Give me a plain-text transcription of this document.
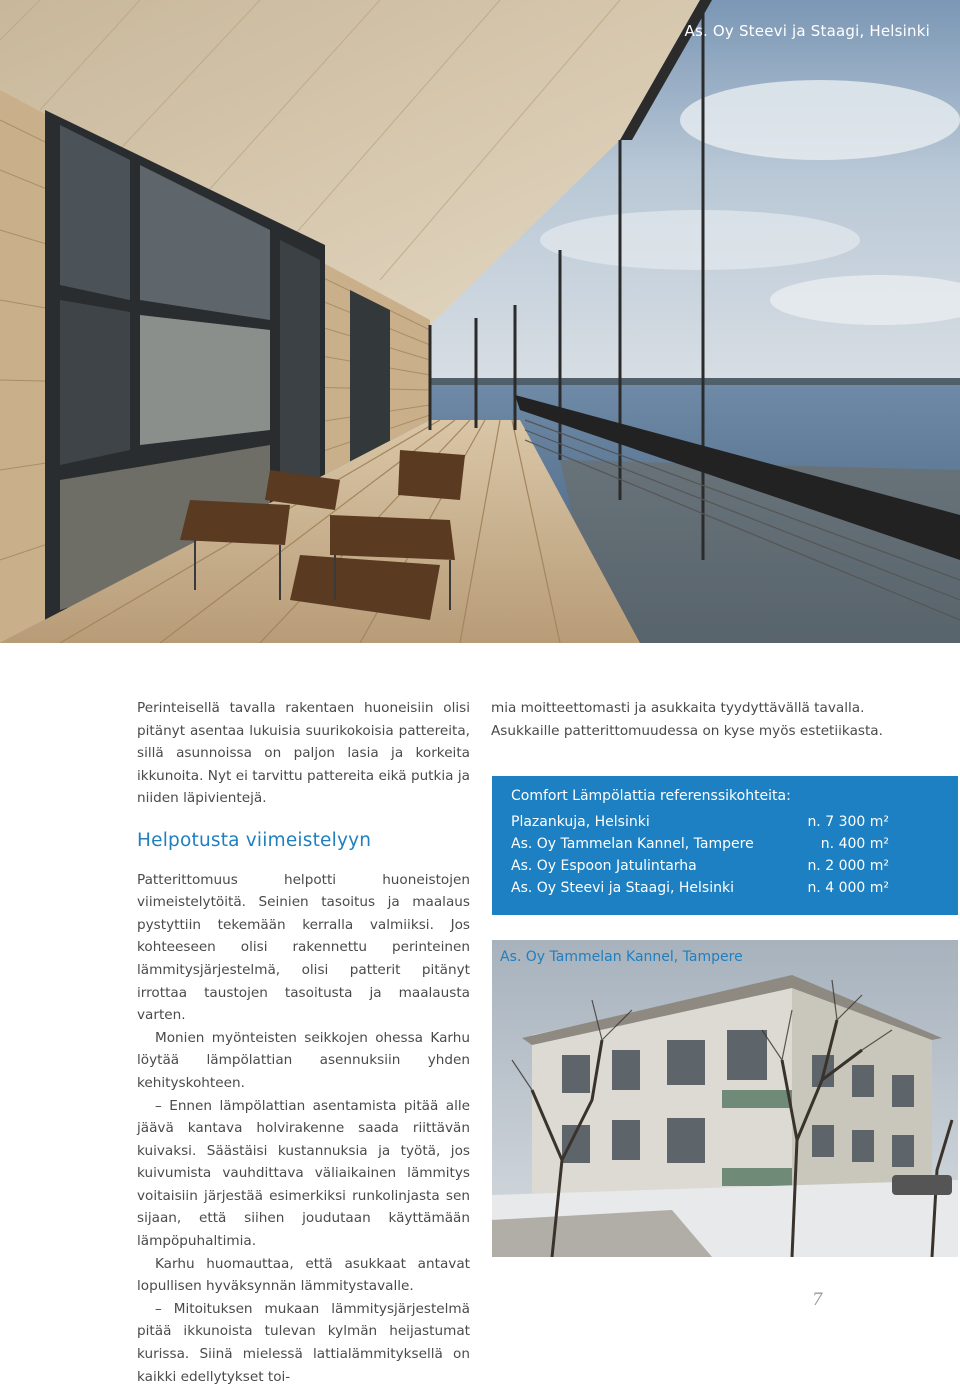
As. Oy Steevi ja Staagi, Helsinki

Perinteisellä tavalla rakentaen huoneisiin olisi pitänyt asentaa lukuisia suurikokoisia pattereita, sillä asunnoissa on paljon lasia ja korkeita ikkunoita. Nyt ei tarvittu pattereita eikä putkia ja niiden läpivientejä.

Helpotusta viimeistelyyn

Patterittomuus helpotti huoneistojen viimeistelytöitä. Seinien tasoitus ja maalaus pystyttiin tekemään kerralla valmiiksi. Jos kohteeseen olisi rakennettu perinteinen lämmitysjärjestelmä, olisi patterit pitänyt irrottaa taustojen tasoitusta ja maalausta varten.

Monien myönteisten seikkojen ohessa Karhu löytää lämpölattian asennuksiin yhden kehityskohteen.

– Ennen lämpölattian asentamista pitää alle jäävä kantava holvirakenne saada riittävän kuivaksi. Säästäisi kustannuksia ja työtä, jos kuivumista vauhdittava väliaikainen lämmitys voitaisiin järjestää esimerkiksi runkolinjasta sen sijaan, että siihen joudutaan käyttämään lämpöpuhaltimia.

Karhu huomauttaa, että asukkaat antavat lopullisen hyväksynnän lämmitystavalle.

– Mitoituksen mukaan lämmitysjärjestelmä pitää ikkunoista tulevan kylmän heijastumat kurissa. Siinä mielessä lattialämmityksellä on kaikki edellytykset toi-

mia moitteettomasti ja asukkaita tyydyttävällä tavalla. Asukkaille patterittomuudessa on kyse myös estetiikasta.

Comfort Lämpölattia referenssikohteita:
Plazankuja, Helsinki	n. 7 300 m²
As. Oy Tammelan Kannel, Tampere	n. 400 m²
As. Oy Espoon Jatulintarha	n. 2 000 m²
As. Oy Steevi ja Staagi, Helsinki	n. 4 000 m²
As. Oy Tammelan Kannel, Tampere
7
